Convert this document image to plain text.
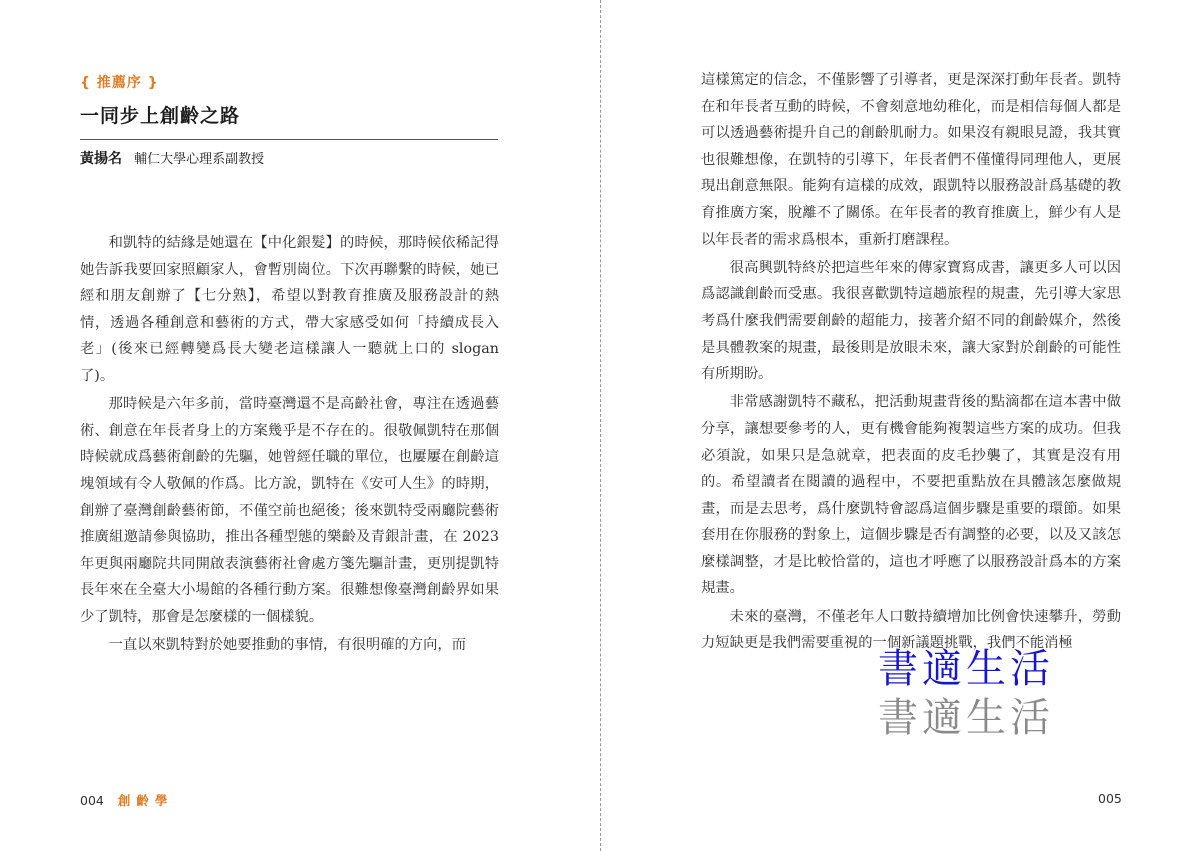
{ 推薦序 }
一同步上創齡之路
黃揚名 輔仁大學心理系副教授

和凱特的結緣是她還在【中化銀髮】的時候，那時候依稀記得她告訴我要回家照顧家人，會暫別崗位。下次再聯繫的時候，她已經和朋友創辦了【七分熟】，希望以對教育推廣及服務設計的熱情，透過各種創意和藝術的方式，帶大家感受如何「持續成長入老」(後來已經轉變爲長大變老這樣讓人一聽就上口的 slogan 了)。

那時候是六年多前，當時臺灣還不是高齡社會，專注在透過藝術、創意在年長者身上的方案幾乎是不存在的。很敬佩凱特在那個時候就成爲藝術創齡的先驅，她曾經任職的單位，也屢屢在創齡這塊領域有令人敬佩的作爲。比方說，凱特在《安可人生》的時期，創辦了臺灣創齡藝術節，不僅空前也絕後；後來凱特受兩廳院藝術推廣組邀請參與協助，推出各種型態的樂齡及青銀計畫，在 2023 年更與兩廳院共同開啟表演藝術社會處方箋先驅計畫，更別提凱特長年來在全臺大小場館的各種行動方案。很難想像臺灣創齡界如果少了凱特，那會是怎麼樣的一個樣貌。

一直以來凱特對於她要推動的事情，有很明確的方向，而

004 創齡學

這樣篤定的信念，不僅影響了引導者，更是深深打動年長者。凱特在和年長者互動的時候，不會刻意地幼稚化，而是相信每個人都是可以透過藝術提升自己的創齡肌耐力。如果沒有親眼見證，我其實也很難想像，在凱特的引導下，年長者們不僅懂得同理他人，更展現出創意無限。能夠有這樣的成效，跟凱特以服務設計爲基礎的教育推廣方案，脫離不了關係。在年長者的教育推廣上，鮮少有人是以年長者的需求爲根本，重新打磨課程。

很高興凱特終於把這些年來的傳家寶寫成書，讓更多人可以因爲認識創齡而受惠。我很喜歡凱特這趟旅程的規畫，先引導大家思考爲什麼我們需要創齡的超能力，接著介紹不同的創齡媒介，然後是具體教案的規畫，最後則是放眼未來，讓大家對於創齡的可能性有所期盼。

非常感謝凱特不藏私，把活動規畫背後的點滴都在這本書中做分享，讓想要參考的人，更有機會能夠複製這些方案的成功。但我必須說，如果只是急就章，把表面的皮毛抄襲了，其實是沒有用的。希望讀者在閱讀的過程中，不要把重點放在具體該怎麼做規畫，而是去思考，爲什麼凱特會認爲這個步驟是重要的環節。如果套用在你服務的對象上，這個步驟是否有調整的必要，以及又該怎麼樣調整，才是比較恰當的，這也才呼應了以服務設計爲本的方案規畫。

未來的臺灣，不僅老年人口數持續增加比例會快速攀升，勞動力短缺更是我們需要重視的一個新議題挑戰，我們不能消極

005
書適生活
書適生活
